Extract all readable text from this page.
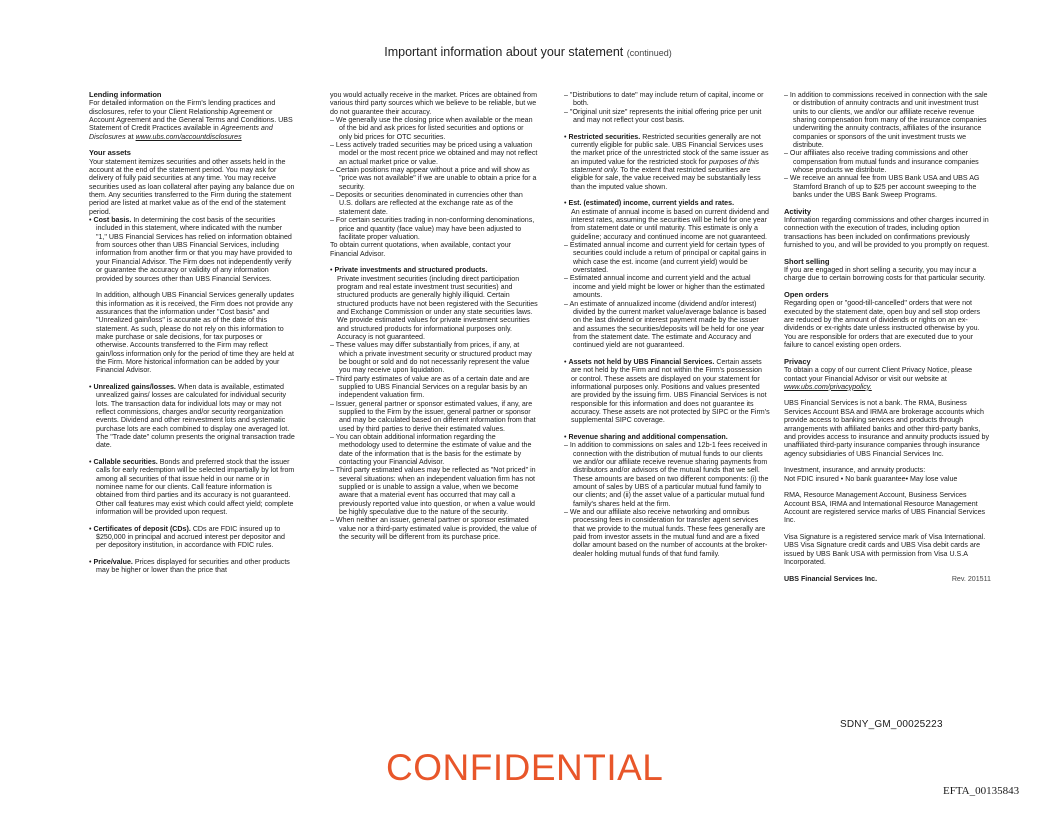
Important information about your statement (continued)

Lending information

For detailed information on the Firm's lending practices and disclosures, refer to your Client Relationship Agreement or Account Agreement and the General Terms and Conditions. UBS Statement of Credit Practices available in Agreements and Disclosures at www.ubs.com/accountdisclosures

Your assets

Your statement itemizes securities and other assets held in the account at the end of the statement period. You may ask for delivery of fully paid securities at any time. You may receive securities used as loan collateral after paying any balance due on them. Any securities transferred to the Firm during the statement period are listed at market value as of the end of the statement period.

• Cost basis. In determining the cost basis of the securities included in this statement, where indicated with the number "1," UBS Financial Services has relied on information obtained from sources other than UBS Financial Services, including information from another firm or that you may have provided to your Financial Advisor. The Firm does not independently verify or guarantee the accuracy or validity of any information provided by sources other than UBS Financial Services.

In addition, although UBS Financial Services generally updates this information as it is received, the Firm does not provide any assurances that the information under "Cost basis" and "Unrealized gain/loss" is accurate as of the date of this statement. As such, please do not rely on this information to make purchase or sale decisions, for tax purposes or otherwise. Accounts transferred to the Firm may reflect gain/loss information only for the period of time they are held at the Firm. More historical information can be added by your Financial Advisor.

• Unrealized gains/losses. When data is available, estimated unrealized gains/ losses are calculated for individual security lots. The transaction data for individual lots may or may not reflect commissions, charges and/or security reorganization events. Dividend and other reinvestment lots and systematic purchase lots are each combined to display one averaged lot. The "Trade date" column presents the original transaction trade date.

• Callable securities. Bonds and preferred stock that the issuer calls for early redemption will be selected impartially by lot from among all securities of that issue held in our name or in nominee name for our clients. Call feature information is obtained from third parties and its accuracy is not guaranteed. Other call features may exist which could affect yield; complete information will be provided upon request.

• Certificates of deposit (CDs). CDs are FDIC insured up to $250,000 in principal and accrued interest per depositor and per depository institution, in accordance with FDIC rules.

• Price/value. Prices displayed for securities and other products may be higher or lower than the price that

you would actually receive in the market. Prices are obtained from various third party sources which we believe to be reliable, but we do not guarantee their accuracy.

– We generally use the closing price when available or the mean of the bid and ask prices for listed securities and options or only bid prices for OTC securities.

– Less actively traded securities may be priced using a valuation model or the most recent price we obtained and may not reflect an actual market price or value.

– Certain positions may appear without a price and will show as "price was not available" if we are unable to obtain a price for a security.

– Deposits or securities denominated in currencies other than U.S. dollars are reflected at the exchange rate as of the statement date.

– For certain securities trading in non-conforming denominations, price and quantity (face value) may have been adjusted to facilitate proper valuation.

To obtain current quotations, when available, contact your Financial Advisor.

• Private investments and structured products.

Private investment securities (including direct participation program and real estate investment trust securities) and structured products are generally highly illiquid. Certain structured products have not been registered with the Securities and Exchange Commission or under any state securities laws. We provide estimated values for private investment securities and structured products for informational purposes only. Accuracy is not guaranteed.

– These values may differ substantially from prices, if any, at which a private investment security or structured product may be bought or sold and do not necessarily represent the value you may receive upon liquidation.

– Third party estimates of value are as of a certain date and are supplied to UBS Financial Services on a regular basis by an independent valuation firm.

– Issuer, general partner or sponsor estimated values, if any, are supplied to the Firm by the issuer, general partner or sponsor and may be calculated based on different information from that used by third parties to derive their estimated values.

– You can obtain additional information regarding the methodology used to determine the estimate of value and the date of the information that is the basis for the estimate by contacting your Financial Advisor.

– Third party estimated values may be reflected as "Not priced" in several situations: when an independent valuation firm has not supplied or is unable to assign a value, when we become aware that a material event has occurred that may call a previously reported value into question, or when a value would be highly speculative due to the nature of the security.

– When neither an issuer, general partner or sponsor estimated value nor a third-party estimated value is provided, the value of the security will be different from its purchase price.

– "Distributions to date" may include return of capital, income or both.

– "Original unit size" represents the initial offering price per unit and may not reflect your cost basis.

• Restricted securities. Restricted securities generally are not currently eligible for public sale. UBS Financial Services uses the market price of the unrestricted stock of the same issuer as an imputed value for the restricted stock for purposes of this statement only. To the extent that restricted securities are eligible for sale, the value received may be substantially less than the imputed value shown.

• Est. (estimated) income, current yields and rates.

An estimate of annual income is based on current dividend and interest rates, assuming the securities will be held for one year from statement date or until maturity. This estimate is only a guideline; accuracy and continued income are not guaranteed.

– Estimated annual income and current yield for certain types of securities could include a return of principal or capital gains in which case the est. income (and current yield) would be overstated.

– Estimated annual income and current yield and the actual income and yield might be lower or higher than the estimated amounts.

– An estimate of annualized income (dividend and/or interest) divided by the current market value/average balance is based on the last dividend or interest payment made by the issuer and assumes the securities/deposits will be held for one year from the statement date. The estimate and Accuracy and continued yield are not guaranteed.

• Assets not held by UBS Financial Services. Certain assets are not held by the Firm and not within the Firm's possession or control. These assets are displayed on your statement for informational purposes only. Positions and values presented are provided by the issuing firm. UBS Financial Services is not responsible for this information and does not guarantee its accuracy. These assets are not protected by SIPC or the Firm's supplemental SIPC coverage.

• Revenue sharing and additional compensation.

– In addition to commissions on sales and 12b-1 fees received in connection with the distribution of mutual funds to our clients we and/or our affiliate receive revenue sharing payments from distributors and/or advisors of the mutual funds that we sell. These amounts are based on two different components: (i) the amount of sales by UBS of a particular mutual fund family to our clients; and (ii) the asset value of a particular mutual fund family's shares held at the firm.

– We and our affiliate also receive networking and omnibus processing fees in consideration for transfer agent services that we provide to the mutual funds. These fees generally are paid from investor assets in the mutual fund and are a fixed dollar amount based on the number of accounts at the broker-dealer holding mutual funds of that fund family.

– In addition to commissions received in connection with the sale or distribution of annuity contracts and unit investment trust units to our clients, we and/or our affiliate receive revenue sharing compensation from many of the insurance companies underwriting the annuity contracts, affiliates of the insurance companies or sponsors of the unit investment trusts we distribute.

– Our affiliates also receive trading commissions and other compensation from mutual funds and insurance companies whose products we distribute.

– We receive an annual fee from UBS Bank USA and UBS AG Stamford Branch of up to $25 per account sweeping to the banks under the UBS Bank Sweep Programs.

Activity

Information regarding commissions and other charges incurred in connection with the execution of trades, including option transactions has been included on confirmations previously furnished to you, and will be provided to you promptly on request.

Short selling

If you are engaged in short selling a security, you may incur a charge due to certain borrowing costs for that particular security.

Open orders

Regarding open or "good-till-cancelled" orders that were not executed by the statement date, open buy and sell stop orders are reduced by the amount of dividends or rights on an ex-dividends or ex-rights date unless instructed otherwise by you. You are responsible for orders that are executed due to your failure to cancel existing open orders.

Privacy

To obtain a copy of our current Client Privacy Notice, please contact your Financial Advisor or visit our website at www.ubs.com/privacypolicy.

UBS Financial Services is not a bank. The RMA, Business Services Account BSA and IRMA are brokerage accounts which provide access to banking services and products through arrangements with affiliated banks and other third-party banks, and provides access to insurance and annuity products issued by unaffiliated third-party insurance companies through insurance agency subsidiaries of UBS Financial Services Inc.

Investment, insurance, and annuity products:

Not FDIC insured • No bank guarantee• May lose value

RMA, Resource Management Account, Business Services Account BSA, IRMA and International Resource Management Account are registered service marks of UBS Financial Services Inc.

Visa Signature is a registered service mark of Visa International. UBS Visa Signature credit cards and UBS Visa debit cards are issued by UBS Bank USA with permission from Visa U.S.A Incorporated.

UBS Financial Services Inc.	Rev. 201511
SDNY_GM_00025223
CONFIDENTIAL
EFTA_00135843
